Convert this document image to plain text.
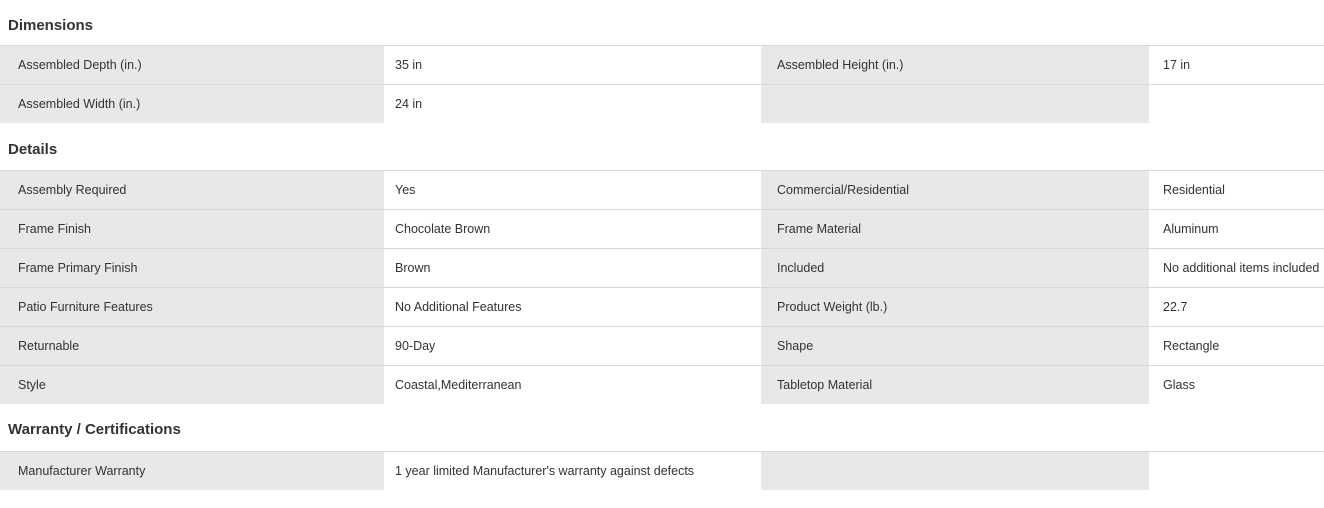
Dimensions
Assembled Depth (in.)	35 in	Assembled Height (in.)	17 in
Assembled Width (in.)	24 in		
Details
Assembly Required	Yes	Commercial/Residential	Residential
Frame Finish	Chocolate Brown	Frame Material	Aluminum
Frame Primary Finish	Brown	Included	No additional items included
Patio Furniture Features	No Additional Features	Product Weight (lb.)	22.7
Returnable	90-Day	Shape	Rectangle
Style	Coastal,Mediterranean	Tabletop Material	Glass
Warranty / Certifications
Manufacturer Warranty	1 year limited Manufacturer's warranty against defects		
